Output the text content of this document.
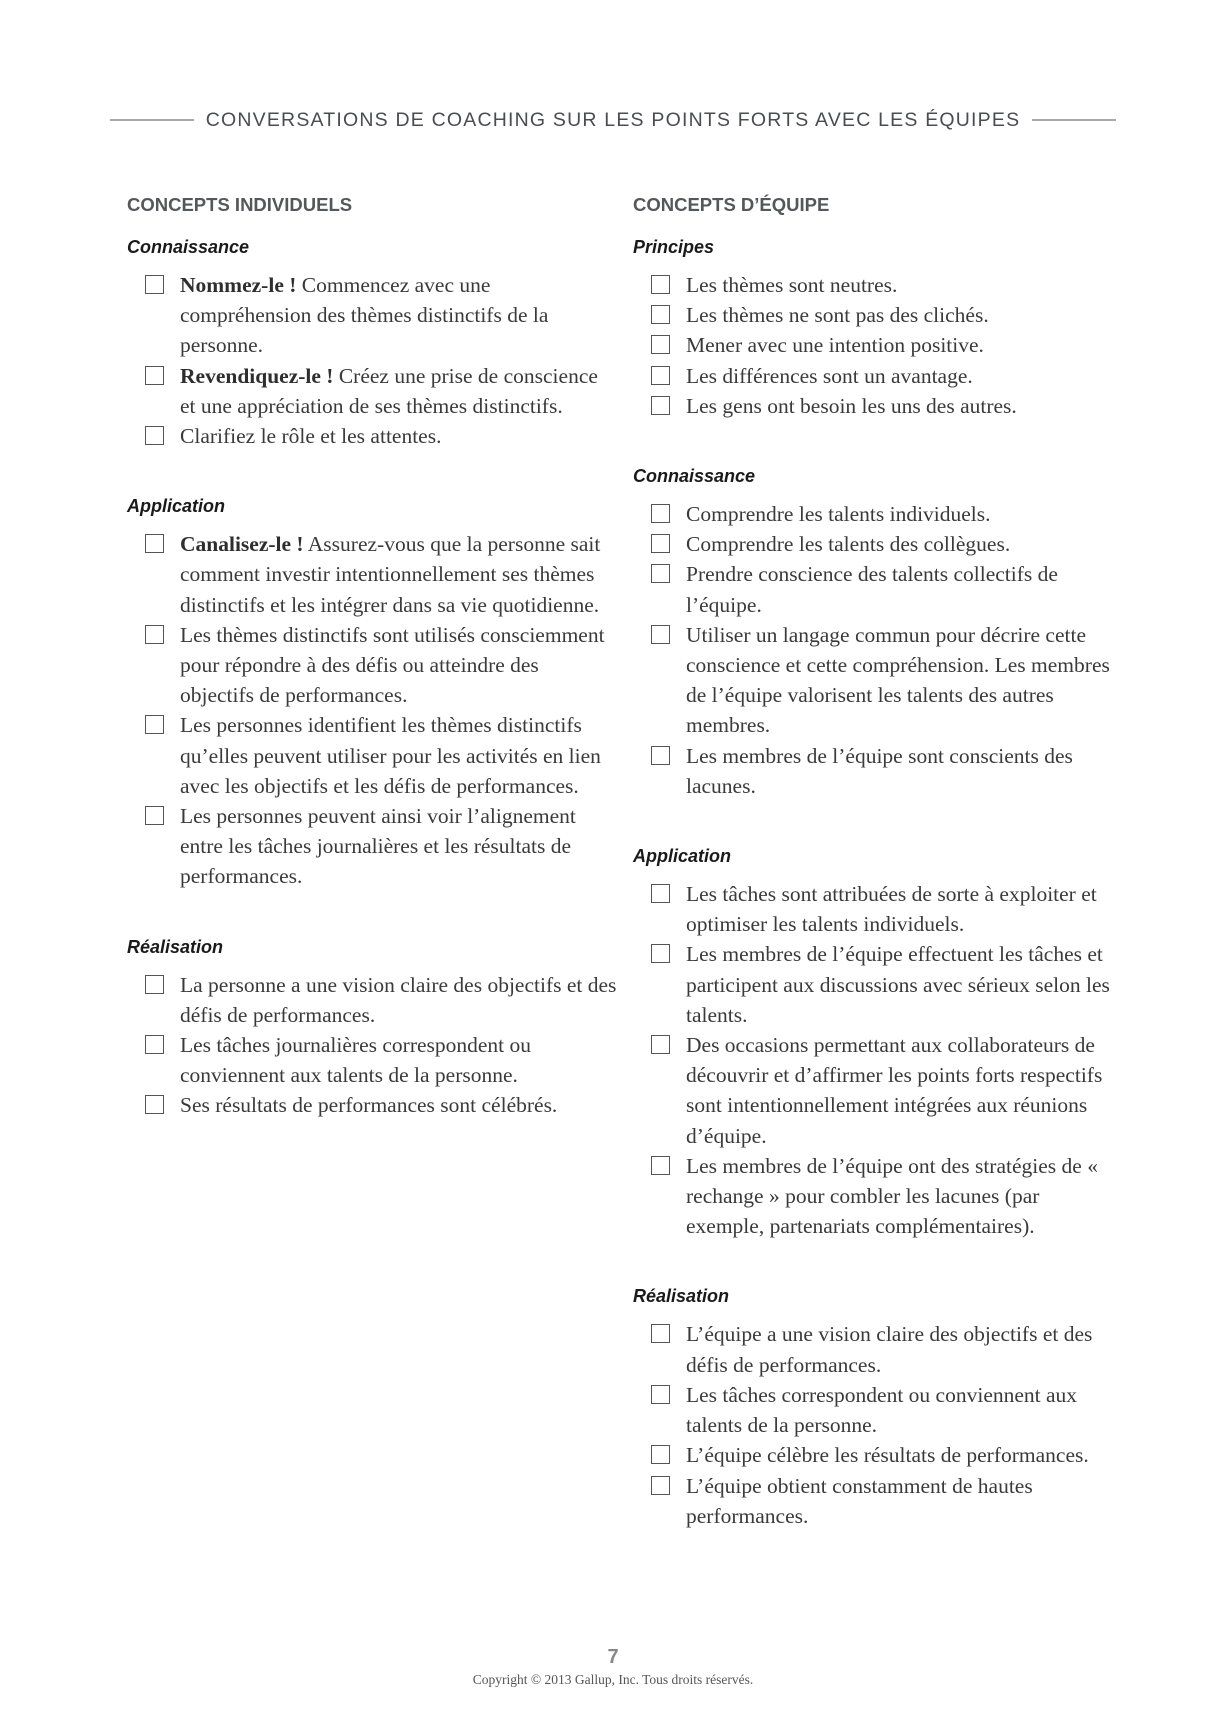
CONVERSATIONS DE COACHING SUR LES POINTS FORTS AVEC LES ÉQUIPES
CONCEPTS INDIVIDUELS
Connaissance
Nommez-le ! Commencez avec une compréhension des thèmes distinctifs de la personne.
Revendiquez-le ! Créez une prise de conscience et une appréciation de ses thèmes distinctifs.
Clarifiez le rôle et les attentes.
Application
Canalisez-le ! Assurez-vous que la personne sait comment investir intentionnellement ses thèmes distinctifs et les intégrer dans sa vie quotidienne.
Les thèmes distinctifs sont utilisés consciemment pour répondre à des défis ou atteindre des objectifs de performances.
Les personnes identifient les thèmes distinctifs qu’elles peuvent utiliser pour les activités en lien avec les objectifs et les défis de performances.
Les personnes peuvent ainsi voir l’alignement entre les tâches journalières et les résultats de performances.
Réalisation
La personne a une vision claire des objectifs et des défis de performances.
Les tâches journalières correspondent ou conviennent aux talents de la personne.
Ses résultats de performances sont célébrés.
CONCEPTS D’ÉQUIPE
Principes
Les thèmes sont neutres.
Les thèmes ne sont pas des clichés.
Mener avec une intention positive.
Les différences sont un avantage.
Les gens ont besoin les uns des autres.
Connaissance
Comprendre les talents individuels.
Comprendre les talents des collègues.
Prendre conscience des talents collectifs de l’équipe.
Utiliser un langage commun pour décrire cette conscience et cette compréhension. Les membres de l’équipe valorisent les talents des autres membres.
Les membres de l’équipe sont conscients des lacunes.
Application
Les tâches sont attribuées de sorte à exploiter et optimiser les talents individuels.
Les membres de l’équipe effectuent les tâches et participent aux discussions avec sérieux selon les talents.
Des occasions permettant aux collaborateurs de découvrir et d’affirmer les points forts respectifs sont intentionnellement intégrées aux réunions d’équipe.
Les membres de l’équipe ont des stratégies de « rechange » pour combler les lacunes (par exemple, partenariats complémentaires).
Réalisation
L’équipe a une vision claire des objectifs et des défis de performances.
Les tâches correspondent ou conviennent aux talents de la personne.
L’équipe célèbre les résultats de performances.
L’équipe obtient constamment de hautes performances.
7
Copyright © 2013 Gallup, Inc. Tous droits réservés.
